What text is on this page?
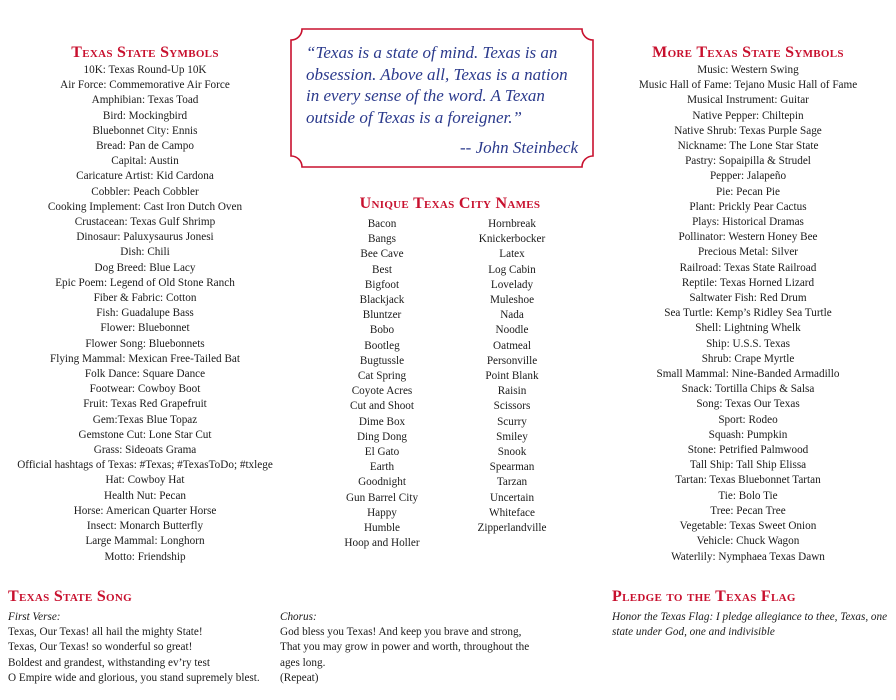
Texas State Symbols
10K: Texas Round-Up 10K
Air Force: Commemorative Air Force
Amphibian: Texas Toad
Bird: Mockingbird
Bluebonnet City: Ennis
Bread: Pan de Campo
Capital: Austin
Caricature Artist: Kid Cardona
Cobbler: Peach Cobbler
Cooking Implement: Cast Iron Dutch Oven
Crustacean: Texas Gulf Shrimp
Dinosaur: Paluxysaurus Jonesi
Dish: Chili
Dog Breed: Blue Lacy
Epic Poem: Legend of Old Stone Ranch
Fiber & Fabric: Cotton
Fish: Guadalupe Bass
Flower: Bluebonnet
Flower Song: Bluebonnets
Flying Mammal: Mexican Free-Tailed Bat
Folk Dance: Square Dance
Footwear: Cowboy Boot
Fruit: Texas Red Grapefruit
Gem:Texas Blue Topaz
Gemstone Cut: Lone Star Cut
Grass: Sideoats Grama
Official hashtags of Texas: #Texas; #TexasToDo; #txlege
Hat: Cowboy Hat
Health Nut: Pecan
Horse: American Quarter Horse
Insect: Monarch Butterfly
Large Mammal: Longhorn
Motto: Friendship

“Texas is a state of mind. Texas is an obsession. Above all, Texas is a nation in every sense of the word. A Texan outside of Texas is a foreigner.”

-- John Steinbeck

Unique Texas City Names
Bacon
Bangs
Bee Cave
Best
Bigfoot
Blackjack
Bluntzer
Bobo
Bootleg
Bugtussle
Cat Spring
Coyote Acres
Cut and Shoot
Dime Box
Ding Dong
El Gato
Earth
Goodnight
Gun Barrel City
Happy
Humble
Hoop and Holler
Hornbreak
Knickerbocker
Latex
Log Cabin
Lovelady
Muleshoe
Nada
Noodle
Oatmeal
Personville
Point Blank
Raisin
Scissors
Scurry
Smiley
Snook
Spearman
Tarzan
Uncertain
Whiteface
Zipperlandville
More Texas State Symbols
Music: Western Swing
Music Hall of Fame: Tejano Music Hall of Fame
Musical Instrument: Guitar
Native Pepper: Chiltepin
Native Shrub: Texas Purple Sage
Nickname: The Lone Star State
Pastry: Sopaipilla & Strudel
Pepper: Jalapeño
Pie: Pecan Pie
Plant: Prickly Pear Cactus
Plays: Historical Dramas
Pollinator: Western Honey Bee
Precious Metal: Silver
Railroad: Texas State Railroad
Reptile: Texas Horned Lizard
Saltwater Fish: Red Drum
Sea Turtle: Kemp’s Ridley Sea Turtle
Shell: Lightning Whelk
Ship: U.S.S. Texas
Shrub: Crape Myrtle
Small Mammal: Nine-Banded Armadillo
Snack: Tortilla Chips & Salsa
Song: Texas Our Texas
Sport: Rodeo
Squash: Pumpkin
Stone: Petrified Palmwood
Tall Ship: Tall Ship Elissa
Tartan: Texas Bluebonnet Tartan
Tie: Bolo Tie
Tree: Pecan Tree
Vegetable: Texas Sweet Onion
Vehicle: Chuck Wagon
Waterlily: Nymphaea Texas Dawn
Texas State Song
First Verse:
Texas, Our Texas! all hail the mighty State!
Texas, Our Texas! so wonderful so great!
Boldest and grandest, withstanding ev’ry test
O Empire wide and glorious, you stand supremely blest.
Chorus:
God bless you Texas! And keep you brave and strong,
That you may grow in power and worth, throughout the ages long.
(Repeat)
Pledge to the Texas Flag

Honor the Texas Flag: I pledge allegiance to thee, Texas, one state under God, one and indivisible
